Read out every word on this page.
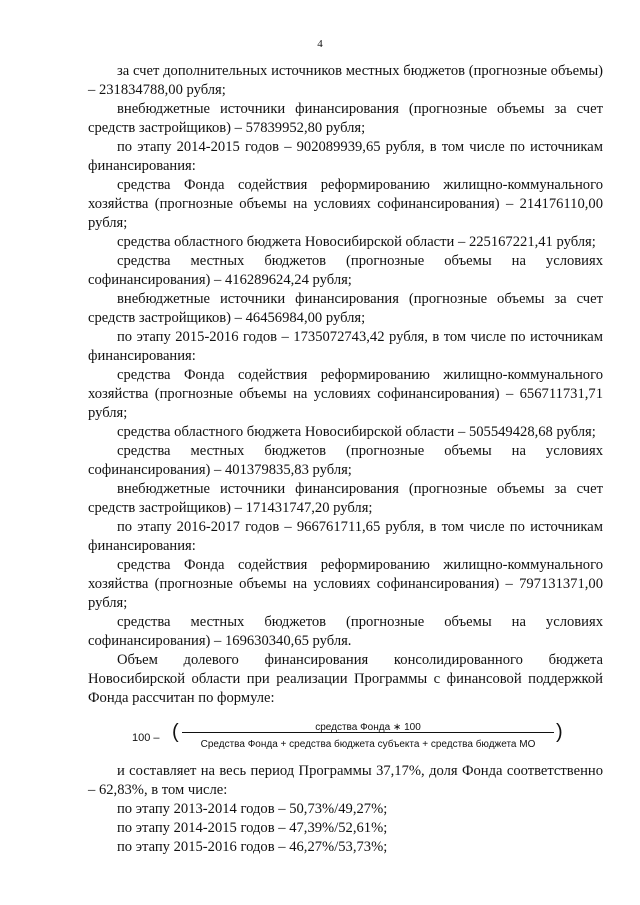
4

за счет дополнительных источников местных бюджетов (прогнозные объемы) – 231834788,00 рубля;

внебюджетные источники финансирования (прогнозные объемы за счет средств застройщиков) – 57839952,80 рубля;

по этапу 2014-2015 годов – 902089939,65 рубля, в том числе по источникам финансирования:

средства Фонда содействия реформированию жилищно-коммунального хозяйства (прогнозные объемы на условиях софинансирования) – 214176110,00 рубля;

средства областного бюджета Новосибирской области – 225167221,41 рубля;

средства местных бюджетов (прогнозные объемы на условиях софинансирования) – 416289624,24 рубля;

внебюджетные источники финансирования (прогнозные объемы за счет средств застройщиков) – 46456984,00 рубля;

по этапу 2015-2016 годов – 1735072743,42 рубля, в том числе по источникам финансирования:

средства Фонда содействия реформированию жилищно-коммунального хозяйства (прогнозные объемы на условиях софинансирования) – 656711731,71 рубля;

средства областного бюджета Новосибирской области – 505549428,68 рубля;

средства местных бюджетов (прогнозные объемы на условиях софинансирования) – 401379835,83 рубля;

внебюджетные источники финансирования (прогнозные объемы за счет средств застройщиков) – 171431747,20 рубля;

по этапу 2016-2017 годов – 966761711,65 рубля, в том числе по источникам финансирования:

средства Фонда содействия реформированию жилищно-коммунального хозяйства (прогнозные объемы на условиях софинансирования) – 797131371,00 рубля;

средства местных бюджетов (прогнозные объемы на условиях софинансирования) – 169630340,65 рубля.

Объем долевого финансирования консолидированного бюджета Новосибирской области при реализации Программы с финансовой поддержкой Фонда рассчитан по формуле:

100 – (	средства Фонда ∗ 100
Средства Фонда + средства бюджета субъекта + средства бюджета МО
)

и составляет на весь период Программы 37,17%, доля Фонда соответственно – 62,83%, в том числе:

по этапу 2013-2014 годов – 50,73%/49,27%;

по этапу 2014-2015 годов – 47,39%/52,61%;

по этапу 2015-2016 годов – 46,27%/53,73%;
